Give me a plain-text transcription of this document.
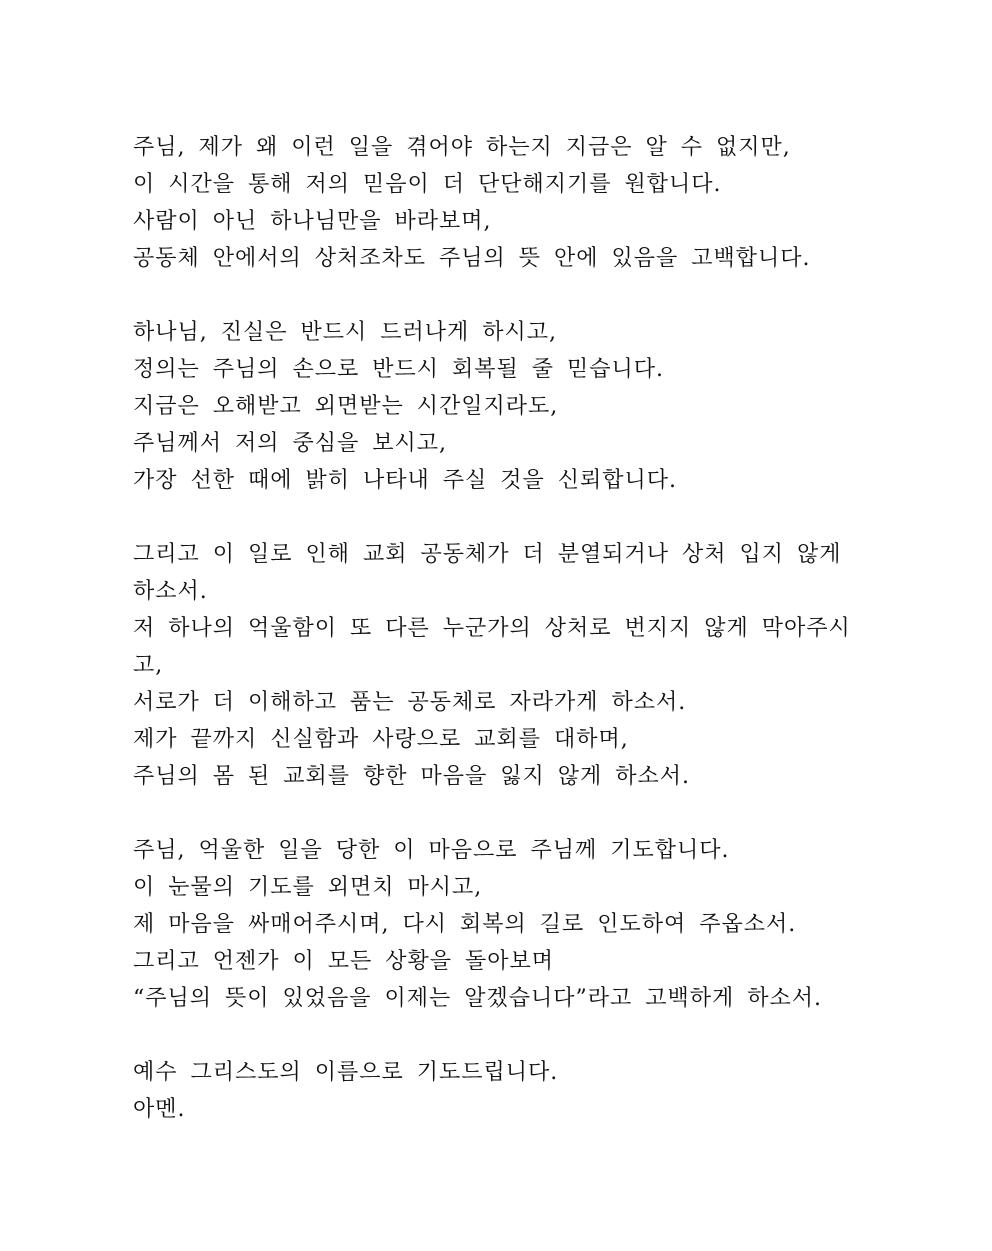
주님, 제가 왜 이런 일을 겪어야 하는지 지금은 알 수 없지만,
이 시간을 통해 저의 믿음이 더 단단해지기를 원합니다.
사람이 아닌 하나님만을 바라보며,
공동체 안에서의 상처조차도 주님의 뜻 안에 있음을 고백합니다.
하나님, 진실은 반드시 드러나게 하시고,
정의는 주님의 손으로 반드시 회복될 줄 믿습니다.
지금은 오해받고 외면받는 시간일지라도,
주님께서 저의 중심을 보시고,
가장 선한 때에 밝히 나타내 주실 것을 신뢰합니다.
그리고 이 일로 인해 교회 공동체가 더 분열되거나 상처 입지 않게
하소서.
저 하나의 억울함이 또 다른 누군가의 상처로 번지지 않게 막아주시
고,
서로가 더 이해하고 품는 공동체로 자라가게 하소서.
제가 끝까지 신실함과 사랑으로 교회를 대하며,
주님의 몸 된 교회를 향한 마음을 잃지 않게 하소서.
주님, 억울한 일을 당한 이 마음으로 주님께 기도합니다.
이 눈물의 기도를 외면치 마시고,
제 마음을 싸매어주시며, 다시 회복의 길로 인도하여 주옵소서.
그리고 언젠가 이 모든 상황을 돌아보며
“주님의 뜻이 있었음을 이제는 알겠습니다”라고 고백하게 하소서.
예수 그리스도의 이름으로 기도드립니다.
아멘.
